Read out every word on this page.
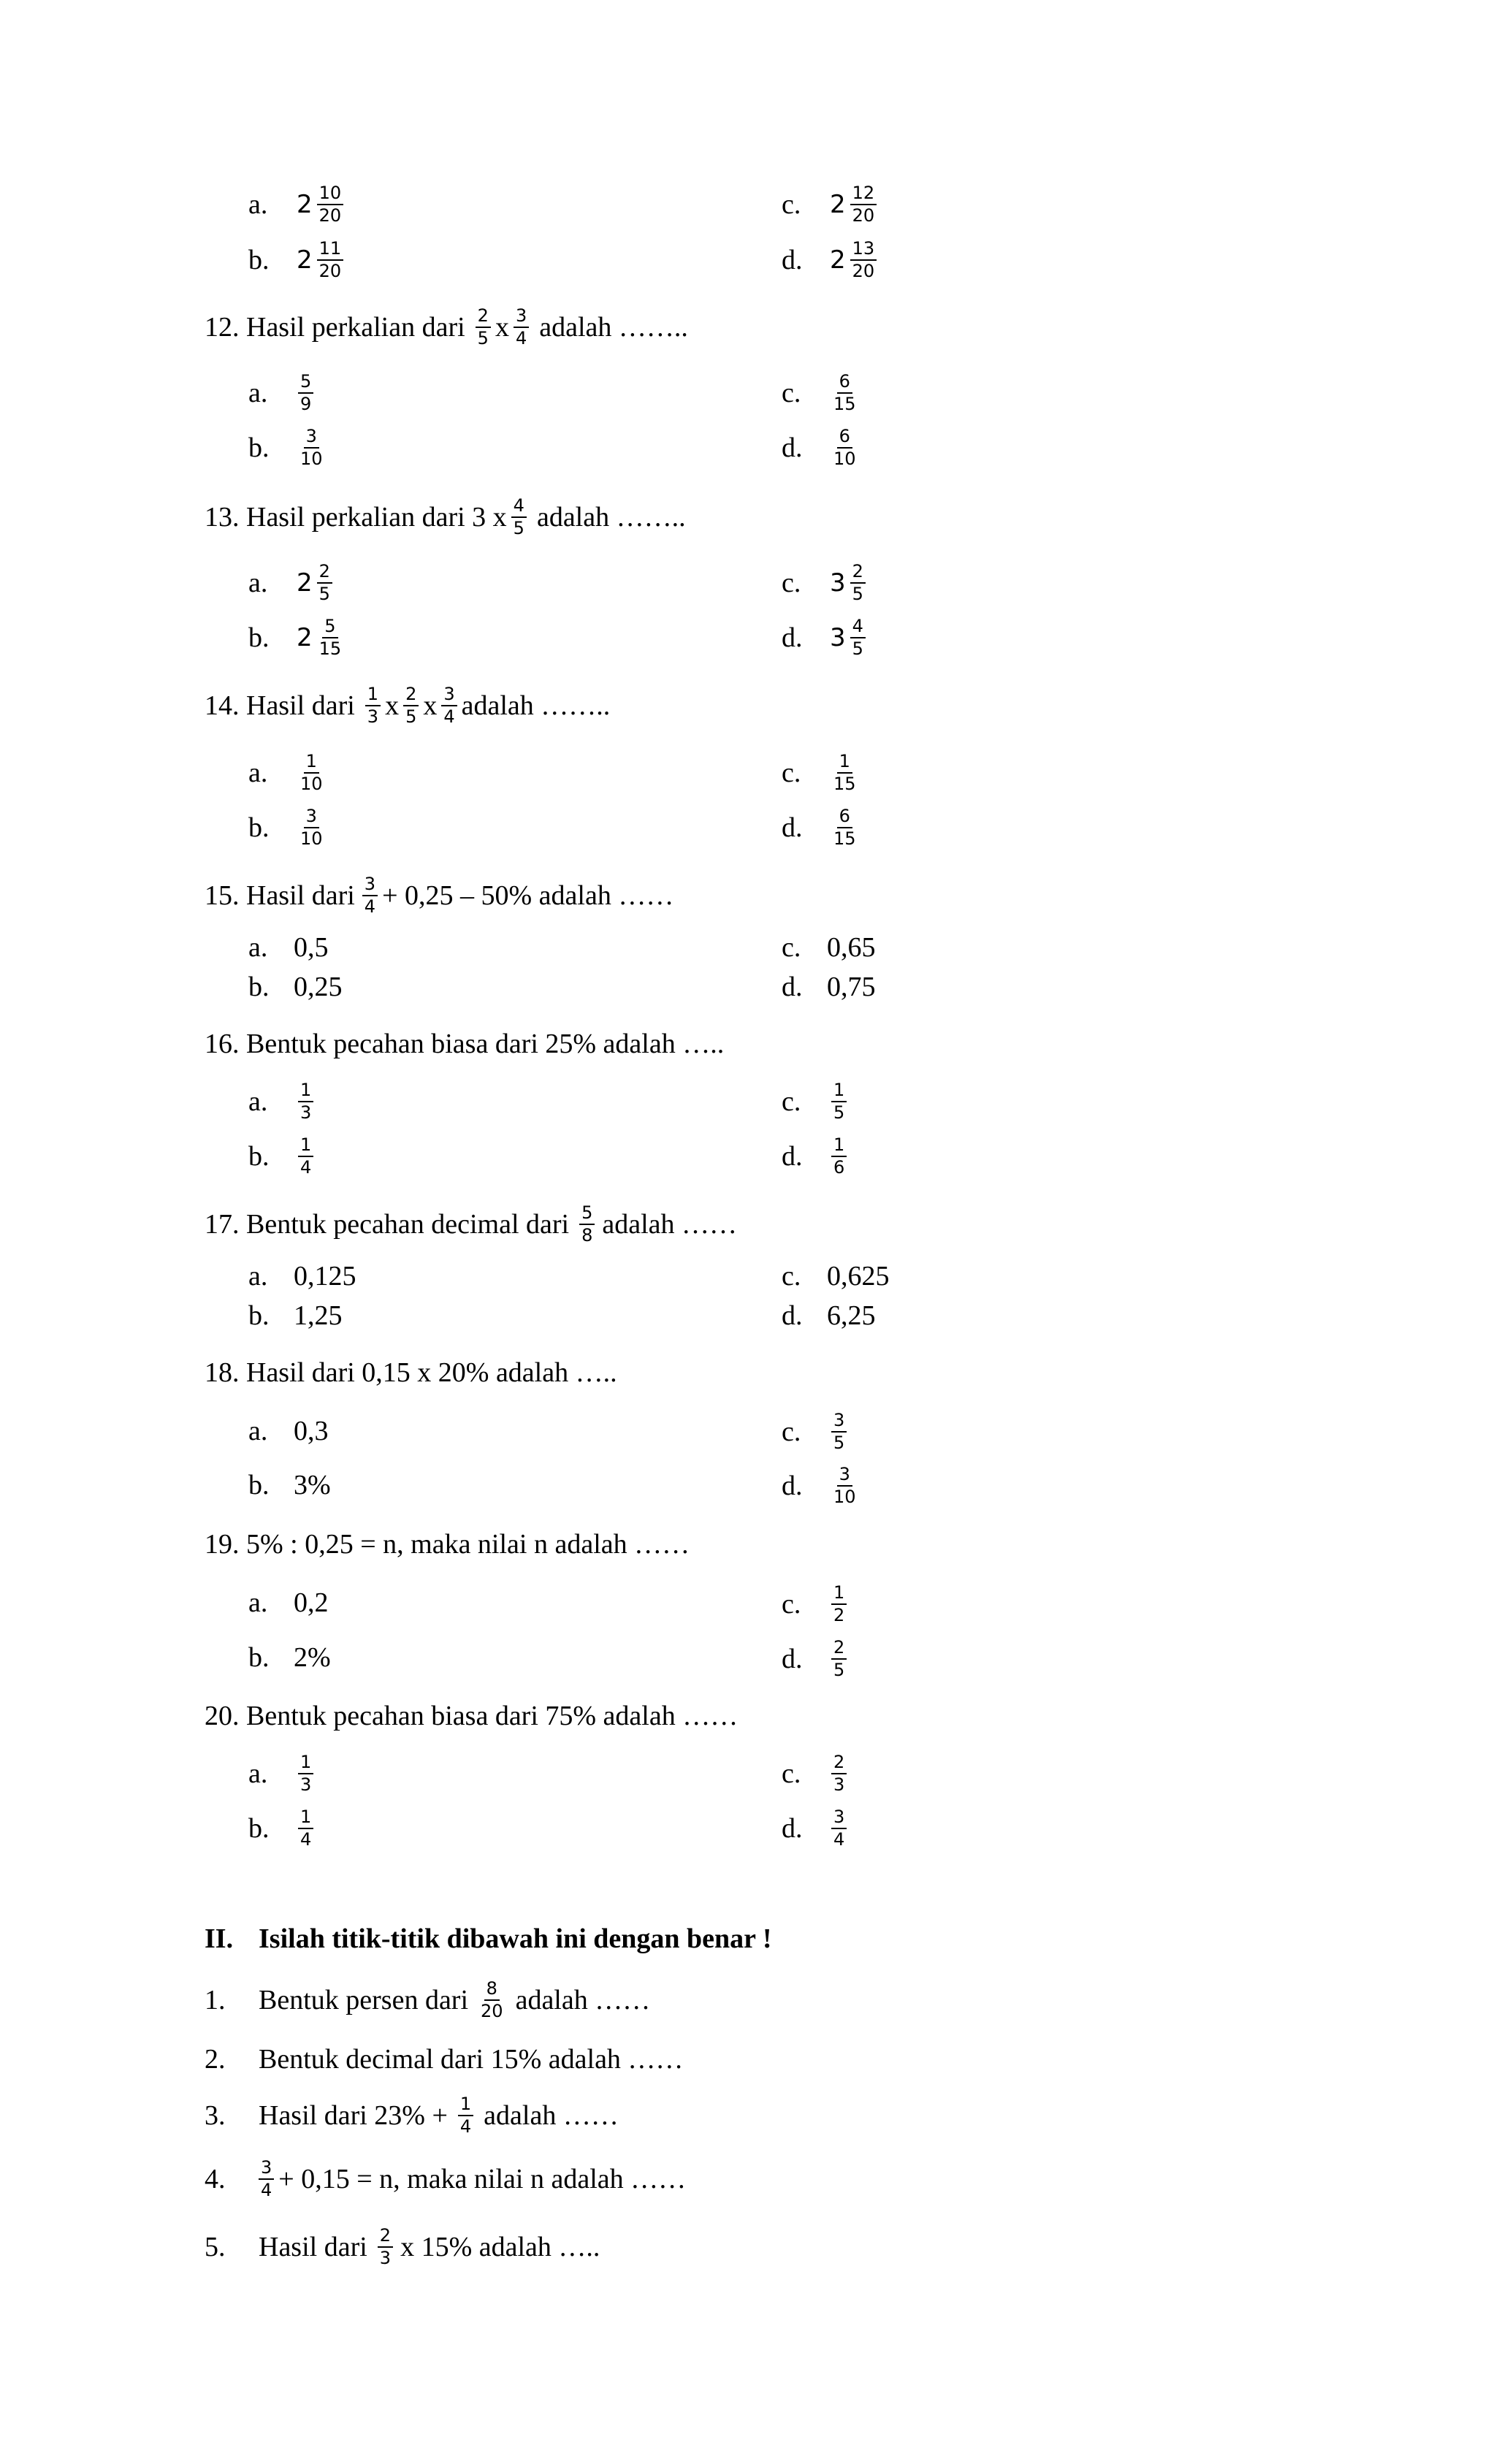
a.	$2 \frac{10}{20}$	c.	$2 \frac{12}{20}$
b.	$2 \frac{11}{20}$	d.	$2 \frac{13}{20}$
12. Hasil perkalian dari $\frac{2}{5}$ x $\frac{3}{4}$ adalah ……..
a.	$\frac{5}{9}$	c.	$\frac{6}{15}$
b.	$\frac{3}{10}$	d.	$\frac{6}{10}$
13. Hasil perkalian dari 3 x $\frac{4}{5}$ adalah ……..
a.	$2 \frac{2}{5}$	c.	$3 \frac{2}{5}$
b.	$2 \frac{5}{15}$	d.	$3 \frac{4}{5}$
14. Hasil dari $\frac{1}{3}$ x $\frac{2}{5}$ x $\frac{3}{4}$ adalah ……..
a.	$\frac{1}{10}$	c.	$\frac{1}{15}$
b.	$\frac{3}{10}$	d.	$\frac{6}{15}$
15. Hasil dari $\frac{3}{4} + 0,25 - 50\%$ adalah ……
a. 0,5	c. 0,65
b. 0,25	d. 0,75
16. Bentuk pecahan biasa dari 25% adalah …..
a.	$\frac{1}{3}$	c.	$\frac{1}{5}$
b.	$\frac{1}{4}$	d.	$\frac{1}{6}$
17. Bentuk pecahan decimal dari $\frac{5}{8}$ adalah ……
a. 0,125	c. 0,625
b. 1,25	d. 6,25
18. Hasil dari 0,15 x 20% adalah …..
a. 0,3	c.	$\frac{3}{5}$
b. 3%	d.	$\frac{3}{10}$
19. 5% : 0,25 = n, maka nilai n adalah ……
a. 0,2	c.	$\frac{1}{2}$
b. 2%	d.	$\frac{2}{5}$
20. Bentuk pecahan biasa dari 75% adalah ……
a.	$\frac{1}{3}$	c.	$\frac{2}{3}$
b.	$\frac{1}{4}$	d.	$\frac{3}{4}$
II. Isilah titik-titik dibawah ini dengan benar !
1.	Bentuk persen dari $\frac{8}{20}$ adalah ……
2.	Bentuk decimal dari 15% adalah ……
3.	Hasil dari $23\% + \frac{1}{4}$ adalah ……
4.	$\frac{3}{4} + 0,15 = n$, maka nilai n adalah ……
5.	Hasil dari $\frac{2}{3}$ x 15% adalah …..
